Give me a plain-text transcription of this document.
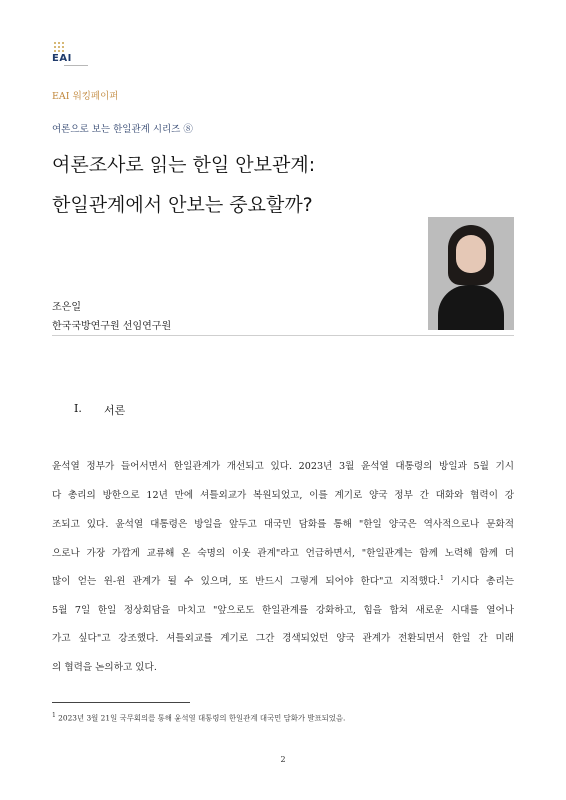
EAI
EAI 워킹페이퍼
여론으로 보는 한일관계 시리즈 ⑧
여론조사로 읽는 한일 안보관계:
한일관계에서 안보는 중요할까?
조은일
한국국방연구원 선임연구원
I. 서론
윤석열 정부가 들어서면서 한일관계가 개선되고 있다. 2023년 3월 윤석열 대통령의 방일과 5월 기시
다 총리의 방한으로 12년 만에 셔틀외교가 복원되었고, 이를 계기로 양국 정부 간 대화와 협력이 강
조되고 있다. 윤석열 대통령은 방일을 앞두고 대국민 담화를 통해 "한일 양국은 역사적으로나 문화적
으로나 가장 가깝게 교류해 온 숙명의 이웃 관계"라고 언급하면서, "한일관계는 함께 노력해 함께 더
많이 얻는 윈-윈 관계가 될 수 있으며, 또 반드시 그렇게 되어야 한다"고 지적했다.$^1$ 기시다 총리는
5월 7일 한일 정상회담을 마치고 "앞으로도 한일관계를 강화하고, 힘을 합쳐 새로운 시대를 열어나
가고 싶다"고 강조했다. 셔틀외교를 계기로 그간 경색되었던 양국 관계가 전환되면서 한일 간 미래
의 협력을 논의하고 있다.
$^1$ 2023년 3월 21일 국무회의를 통해 윤석열 대통령의 한일관계 대국민 담화가 발표되었음.
2
